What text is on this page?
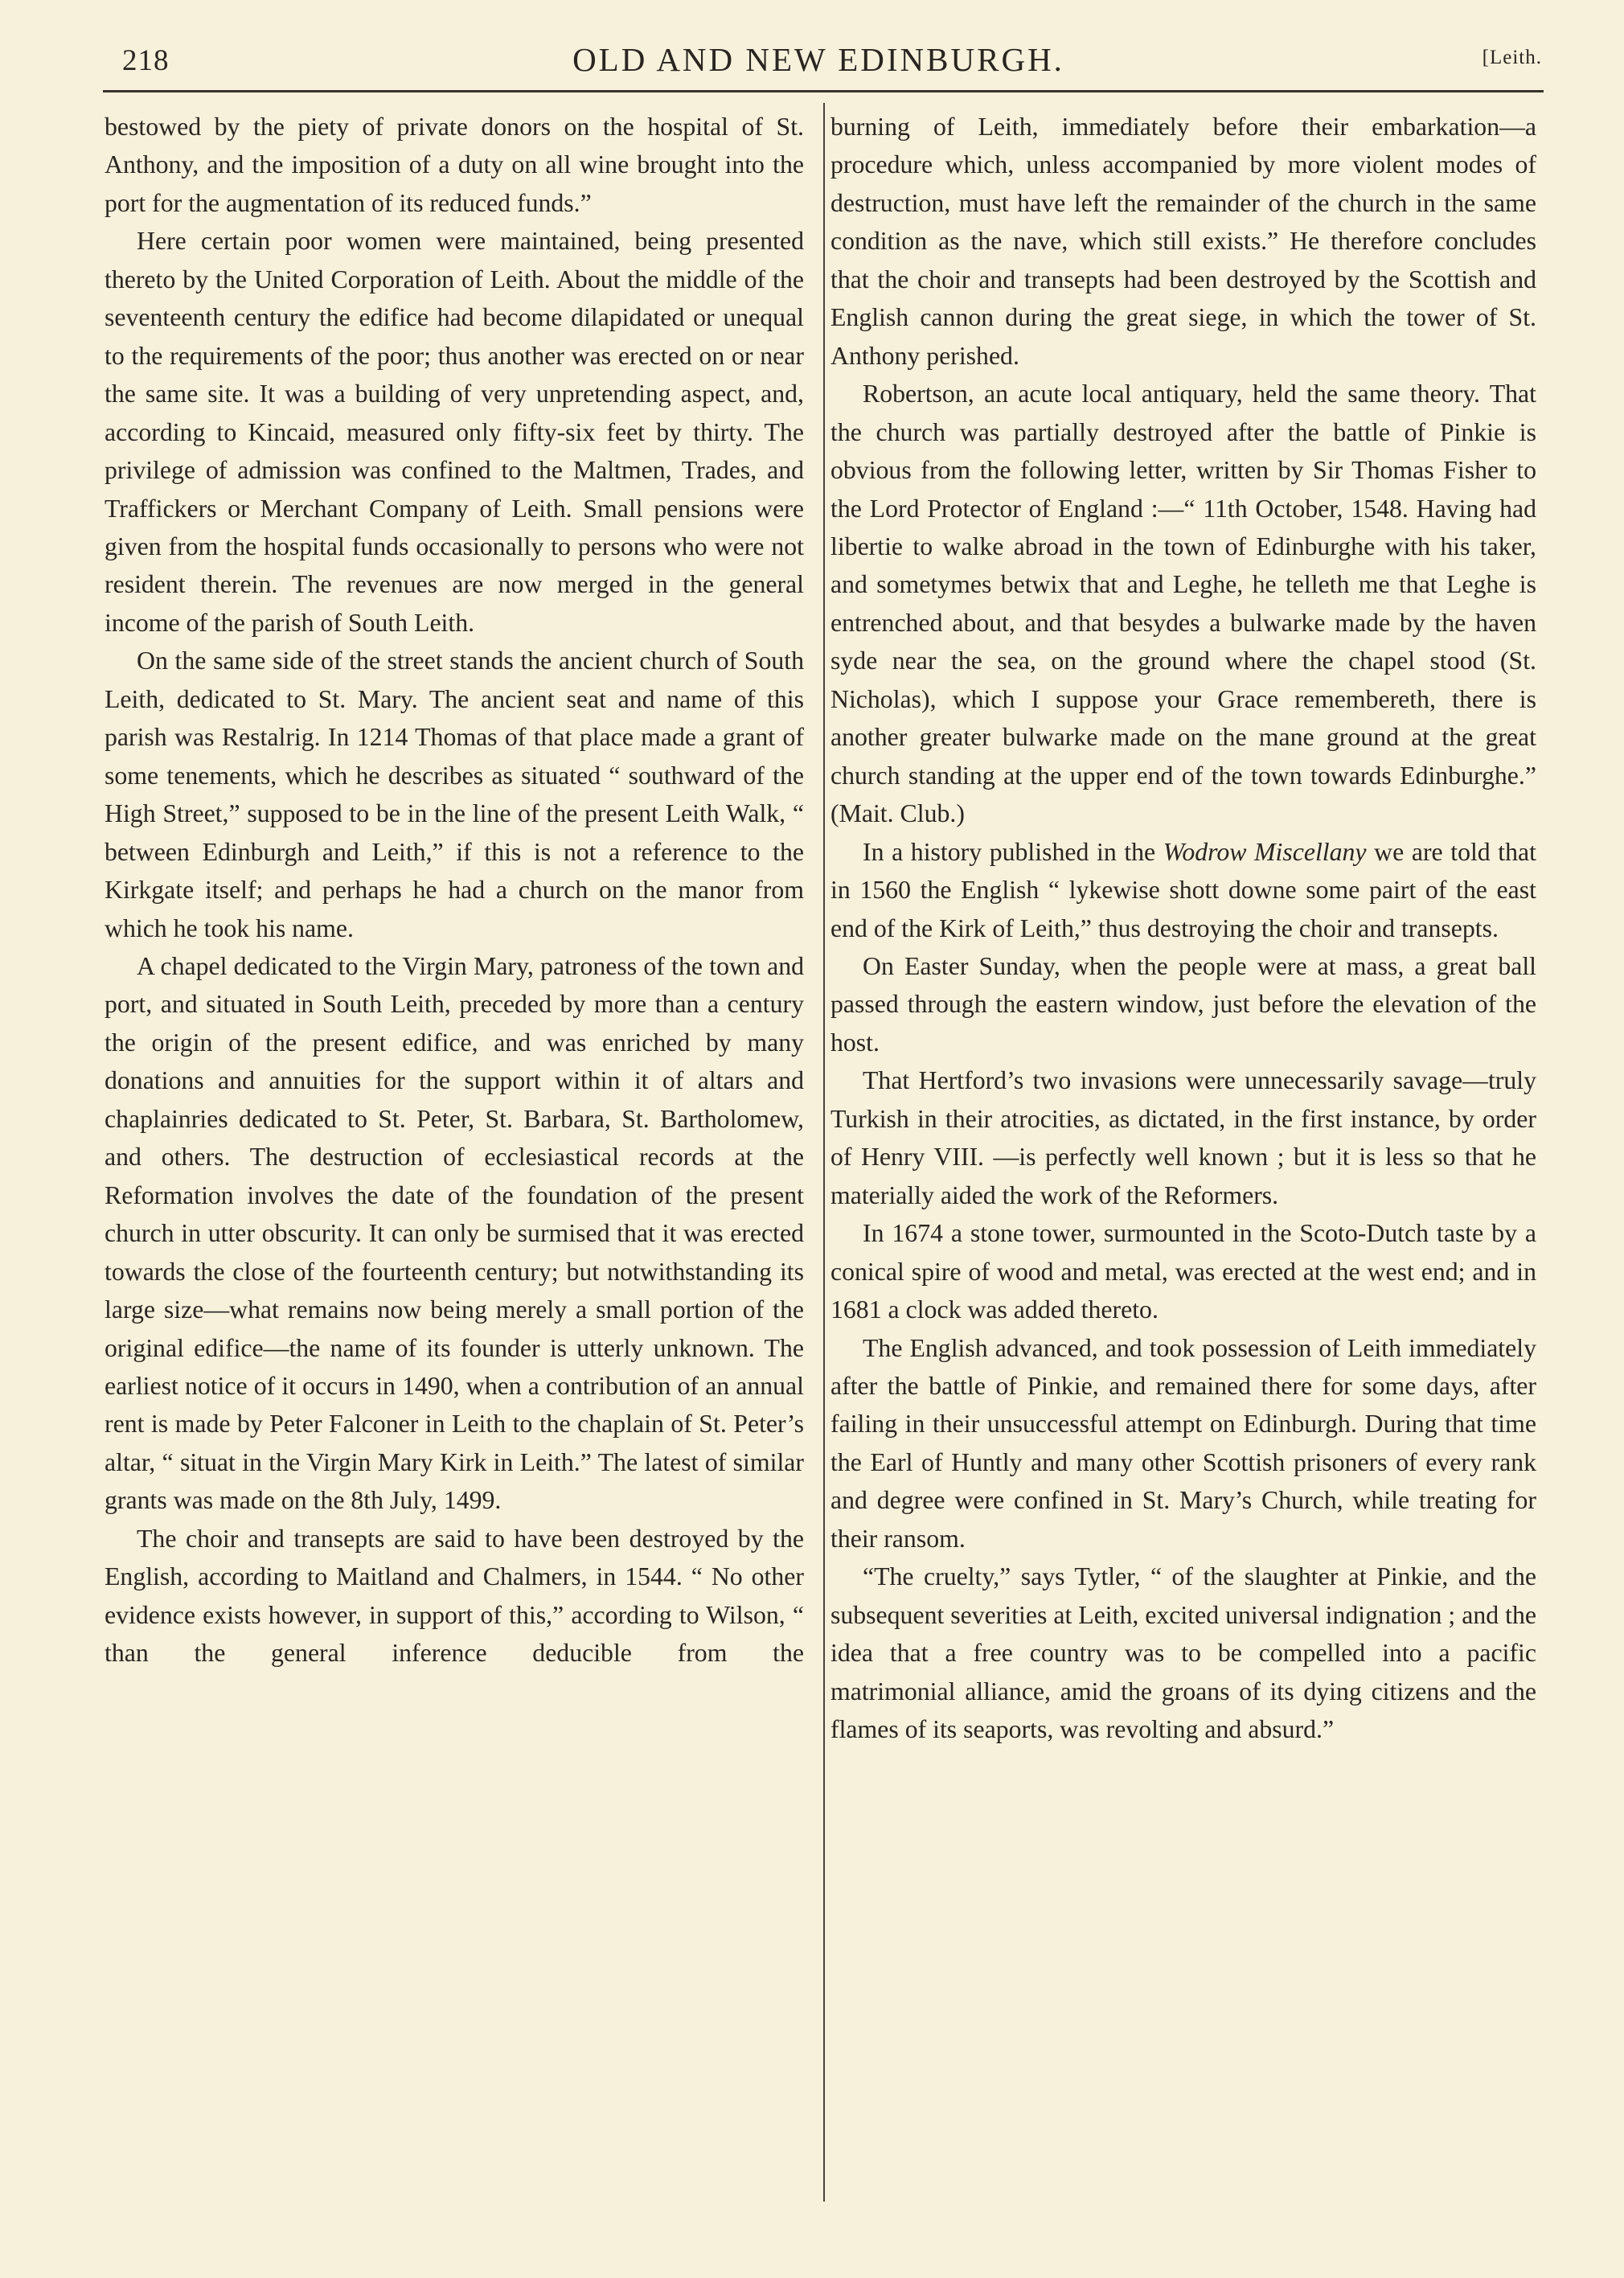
218	OLD AND NEW EDINBURGH.	[Leith.

bestowed by the piety of private donors on the hospital of St. Anthony, and the imposition of a duty on all wine brought into the port for the augmentation of its reduced funds.”

Here certain poor women were maintained, being presented thereto by the United Corporation of Leith. About the middle of the seventeenth century the edifice had become dilapidated or unequal to the requirements of the poor; thus another was erected on or near the same site. It was a building of very unpretending aspect, and, according to Kincaid, measured only fifty-six feet by thirty. The privilege of admission was confined to the Maltmen, Trades, and Traffickers or Merchant Company of Leith. Small pensions were given from the hospital funds occasionally to persons who were not resident therein. The revenues are now merged in the general income of the parish of South Leith.

On the same side of the street stands the ancient church of South Leith, dedicated to St. Mary. The ancient seat and name of this parish was Restalrig. In 1214 Thomas of that place made a grant of some tenements, which he describes as situated “ southward of the High Street,” supposed to be in the line of the present Leith Walk, “ between Edinburgh and Leith,” if this is not a reference to the Kirkgate itself; and perhaps he had a church on the manor from which he took his name.

A chapel dedicated to the Virgin Mary, patroness of the town and port, and situated in South Leith, preceded by more than a century the origin of the present edifice, and was enriched by many donations and annuities for the support within it of altars and chaplainries dedicated to St. Peter, St. Barbara, St. Bartholomew, and others. The destruction of ecclesiastical records at the Reformation involves the date of the foundation of the present church in utter obscurity. It can only be surmised that it was erected towards the close of the fourteenth century; but notwithstanding its large size—what remains now being merely a small portion of the original edifice—the name of its founder is utterly unknown. The earliest notice of it occurs in 1490, when a contribution of an annual rent is made by Peter Falconer in Leith to the chaplain of St. Peter’s altar, “ situat in the Virgin Mary Kirk in Leith.” The latest of similar grants was made on the 8th July, 1499.

The choir and transepts are said to have been destroyed by the English, according to Maitland and Chalmers, in 1544. “ No other evidence exists however, in support of this,” according to Wilson, “ than the general inference deducible from the

burning of Leith, immediately before their embarkation—a procedure which, unless accompanied by more violent modes of destruction, must have left the remainder of the church in the same condition as the nave, which still exists.” He therefore concludes that the choir and transepts had been destroyed by the Scottish and English cannon during the great siege, in which the tower of St. Anthony perished.

Robertson, an acute local antiquary, held the same theory. That the church was partially destroyed after the battle of Pinkie is obvious from the following letter, written by Sir Thomas Fisher to the Lord Protector of England :—“ 11th October, 1548. Having had libertie to walke abroad in the town of Edinburghe with his taker, and sometymes betwix that and Leghe, he telleth me that Leghe is entrenched about, and that besydes a bulwarke made by the haven syde near the sea, on the ground where the chapel stood (St. Nicholas), which I suppose your Grace remembereth, there is another greater bulwarke made on the mane ground at the great church standing at the upper end of the town towards Edinburghe.” (Mait. Club.)

In a history published in the Wodrow Miscellany we are told that in 1560 the English “ lykewise shott downe some pairt of the east end of the Kirk of Leith,” thus destroying the choir and transepts.

On Easter Sunday, when the people were at mass, a great ball passed through the eastern window, just before the elevation of the host.

That Hertford’s two invasions were unnecessarily savage—truly Turkish in their atrocities, as dictated, in the first instance, by order of Henry VIII. —is perfectly well known ; but it is less so that he materially aided the work of the Reformers.

In 1674 a stone tower, surmounted in the Scoto-Dutch taste by a conical spire of wood and metal, was erected at the west end; and in 1681 a clock was added thereto.

The English advanced, and took possession of Leith immediately after the battle of Pinkie, and remained there for some days, after failing in their unsuccessful attempt on Edinburgh. During that time the Earl of Huntly and many other Scottish prisoners of every rank and degree were confined in St. Mary’s Church, while treating for their ransom.

“The cruelty,” says Tytler, “ of the slaughter at Pinkie, and the subsequent severities at Leith, excited universal indignation ; and the idea that a free country was to be compelled into a pacific matrimonial alliance, amid the groans of its dying citizens and the flames of its seaports, was revolting and absurd.”
